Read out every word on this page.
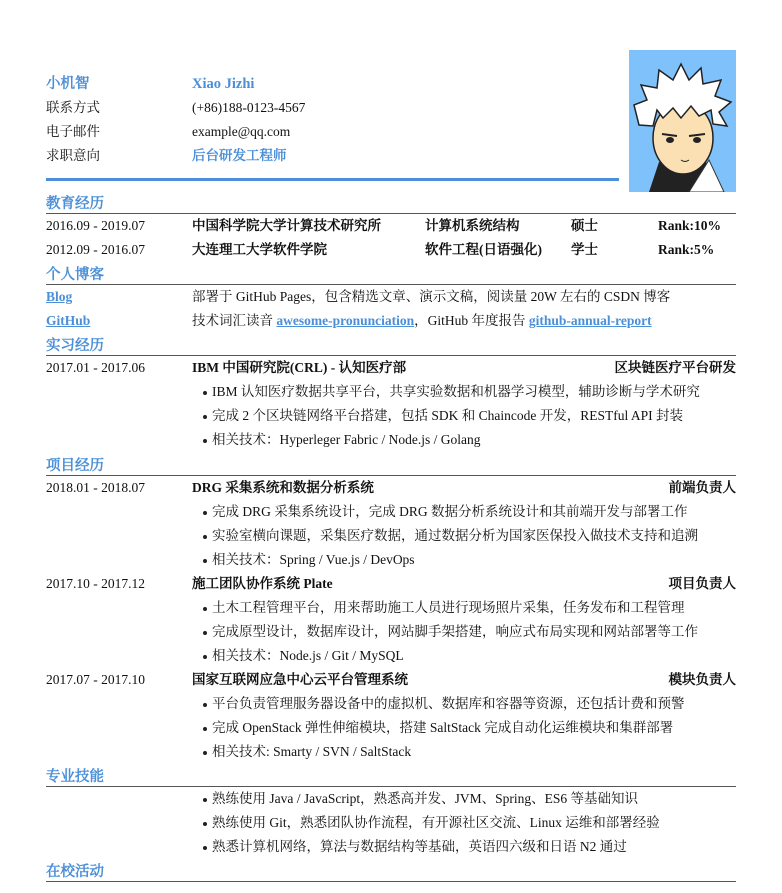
小机智	Xiao Jizhi
联系方式	(+86)188-0123-4567
电子邮件	example@qq.com
求职意向	后台研发工程师
教育经历
2016.09 - 2019.07	中国科学院大学计算技术研究所	计算机系统结构	硕士	Rank:10%
2012.09 - 2016.07	大连理工大学软件学院	软件工程(日语强化)	学士	Rank:5%
个人博客
Blog	部署于 GitHub Pages，包含精选文章、演示文稿，阅读量 20W 左右的 CSDN 博客
GitHub	技术词汇读音 awesome-pronunciation，GitHub 年度报告 github-annual-report
实习经历
2017.01 - 2017.06	IBM 中国研究院(CRL) - 认知医疗部	区块链医疗平台研发
IBM 认知医疗数据共享平台，共享实验数据和机器学习模型，辅助诊断与学术研究
完成 2 个区块链网络平台搭建，包括 SDK 和 Chaincode 开发，RESTful API 封装
相关技术：Hyperleger Fabric / Node.js / Golang
项目经历
2018.01 - 2018.07	DRG 采集系统和数据分析系统	前端负责人
完成 DRG 采集系统设计，完成 DRG 数据分析系统设计和其前端开发与部署工作
实验室横向课题，采集医疗数据，通过数据分析为国家医保投入做技术支持和追溯
相关技术：Spring / Vue.js / DevOps
2017.10 - 2017.12	施工团队协作系统 Plate	项目负责人
土木工程管理平台，用来帮助施工人员进行现场照片采集，任务发布和工程管理
完成原型设计，数据库设计，网站脚手架搭建，响应式布局实现和网站部署等工作
相关技术：Node.js / Git / MySQL
2017.07 - 2017.10	国家互联网应急中心云平台管理系统	模块负责人
平台负责管理服务器设备中的虚拟机、数据库和容器等资源，还包括计费和预警
完成 OpenStack 弹性伸缩模块，搭建 SaltStack 完成自动化运维模块和集群部署
相关技术: Smarty / SVN / SaltStack
专业技能
熟练使用 Java / JavaScript，熟悉高并发、JVM、Spring、ES6 等基础知识
熟练使用 Git，熟悉团队协作流程，有开源社区交流、Linux 运维和部署经验
熟悉计算机网络，算法与数据结构等基础，英语四六级和日语 N2 通过
在校活动
